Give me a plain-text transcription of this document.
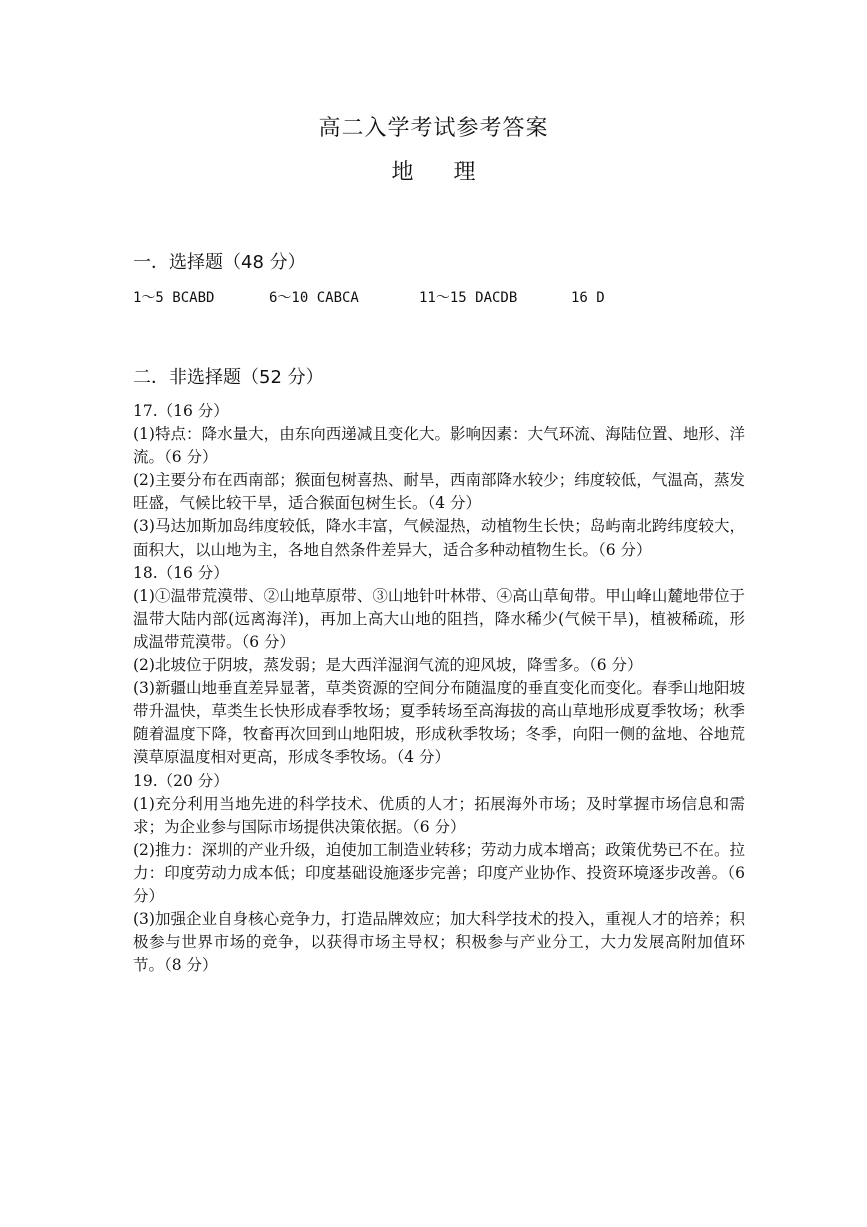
高二入学考试参考答案
地 理
一．选择题（48 分）
1～5 BCABD	6～10 CABCA	11～15 DACDB	16 D
二．非选择题（52 分）

17.（16 分）

(1)特点：降水量大，由东向西递减且变化大。影响因素：大气环流、海陆位置、地形、洋流。（6 分）

(2)主要分布在西南部；猴面包树喜热、耐旱，西南部降水较少；纬度较低，气温高，蒸发旺盛，气候比较干旱，适合猴面包树生长。（4 分）

(3)马达加斯加岛纬度较低，降水丰富，气候湿热，动植物生长快；岛屿南北跨纬度较大，面积大，以山地为主，各地自然条件差异大，适合多种动植物生长。（6 分）

18.（16 分）

(1)①温带荒漠带、②山地草原带、③山地针叶林带、④高山草甸带。甲山峰山麓地带位于温带大陆内部(远离海洋)，再加上高大山地的阻挡，降水稀少(气候干旱)，植被稀疏，形成温带荒漠带。（6 分）

(2)北坡位于阴坡，蒸发弱；是大西洋湿润气流的迎风坡，降雪多。（6 分）

(3)新疆山地垂直差异显著，草类资源的空间分布随温度的垂直变化而变化。春季山地阳坡带升温快，草类生长快形成春季牧场；夏季转场至高海拔的高山草地形成夏季牧场；秋季随着温度下降，牧畜再次回到山地阳坡，形成秋季牧场；冬季，向阳一侧的盆地、谷地荒漠草原温度相对更高，形成冬季牧场。（4 分）

19.（20 分）

(1)充分利用当地先进的科学技术、优质的人才；拓展海外市场；及时掌握市场信息和需求；为企业参与国际市场提供决策依据。（6 分）

(2)推力：深圳的产业升级，迫使加工制造业转移；劳动力成本增高；政策优势已不在。拉力：印度劳动力成本低；印度基础设施逐步完善；印度产业协作、投资环境逐步改善。（6 分）

(3)加强企业自身核心竞争力，打造品牌效应；加大科学技术的投入，重视人才的培养；积极参与世界市场的竞争，以获得市场主导权；积极参与产业分工，大力发展高附加值环节。（8 分）
